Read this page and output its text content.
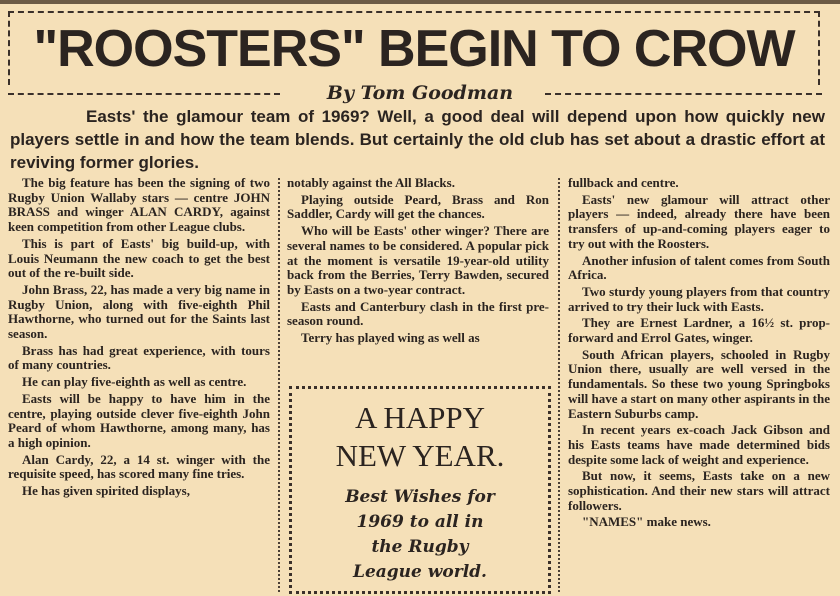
"ROOSTERS" BEGIN TO CROW
By Tom Goodman
Easts' the glamour team of 1969? Well, a good deal will depend upon how quickly new players settle in and how the team blends. But certainly the old club has set about a drastic effort at reviving former glories.

The big feature has been the signing of two Rugby Union Wallaby stars — centre JOHN BRASS and winger ALAN CARDY, against keen competition from other League clubs.

This is part of Easts' big build-up, with Louis Neumann the new coach to get the best out of the re-built side.

John Brass, 22, has made a very big name in Rugby Union, along with five-eighth Phil Hawthorne, who turned out for the Saints last season.

Brass has had great experience, with tours of many countries.

He can play five-eighth as well as centre.

Easts will be happy to have him in the centre, playing outside clever five-eighth John Peard of whom Hawthorne, among many, has a high opinion.

Alan Cardy, 22, a 14 st. winger with the requisite speed, has scored many fine tries.

He has given spirited displays,

notably against the All Blacks.

Playing outside Peard, Brass and Ron Saddler, Cardy will get the chances.

Who will be Easts' other winger? There are several names to be considered. A popular pick at the moment is versatile 19-year-old utility back from the Berries, Terry Bawden, secured by Easts on a two-year contract.

Easts and Canterbury clash in the first pre-season round.

Terry has played wing as well as

A HAPPY
NEW YEAR.
Best Wishes for
1969 to all in
the Rugby
League world.

fullback and centre.

Easts' new glamour will attract other players — indeed, already there have been transfers of up-and-coming players eager to try out with the Roosters.

Another infusion of talent comes from South Africa.

Two sturdy young players from that country arrived to try their luck with Easts.

They are Ernest Lardner, a 16½ st. prop-forward and Errol Gates, winger.

South African players, schooled in Rugby Union there, usually are well versed in the fundamentals. So these two young Springboks will have a start on many other aspirants in the Eastern Suburbs camp.

In recent years ex-coach Jack Gibson and his Easts teams have made determined bids despite some lack of weight and experience.

But now, it seems, Easts take on a new sophistication. And their new stars will attract followers.

"NAMES" make news.
